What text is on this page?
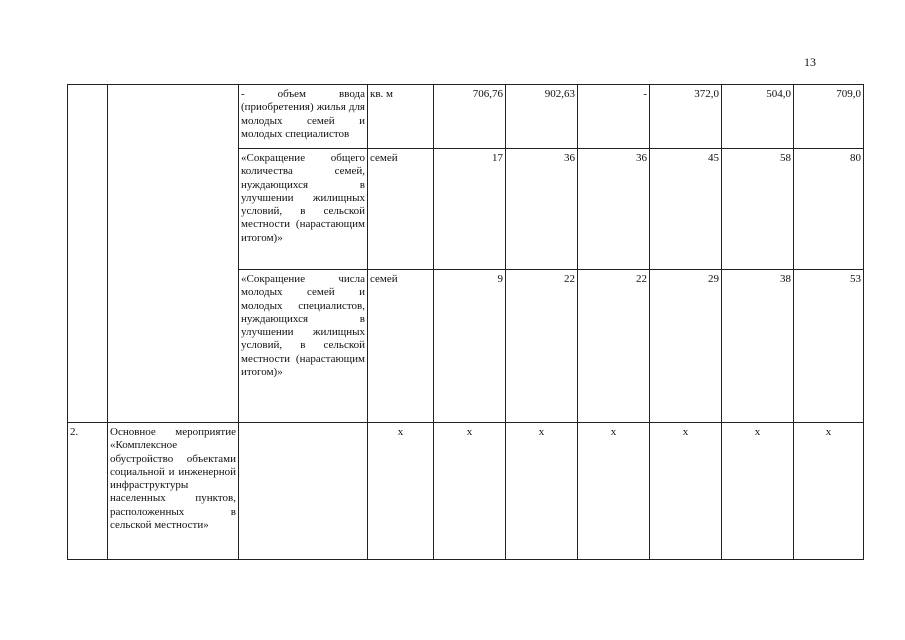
13
		- объем ввода (приобретения) жилья для молодых семей и молодых специалистов	кв. м	706,76	902,63	-	372,0	504,0	709,0
		«Сокращение общего количества семей, нуждающихся в улучшении жилищных условий, в сельской местности (нарастающим итогом)»	семей	17	36	36	45	58	80
		«Сокращение числа молодых семей и молодых специалистов, нуждающихся в улучшении жилищных условий, в сельской местности (нарастающим итогом)»	семей	9	22	22	29	38	53
2.	Основное мероприятие «Комплексное обустройство объектами социальной и инженерной инфраструктуры населенных пунктов, расположенных в сельской местности»		x	x	x	x	x	x	x
